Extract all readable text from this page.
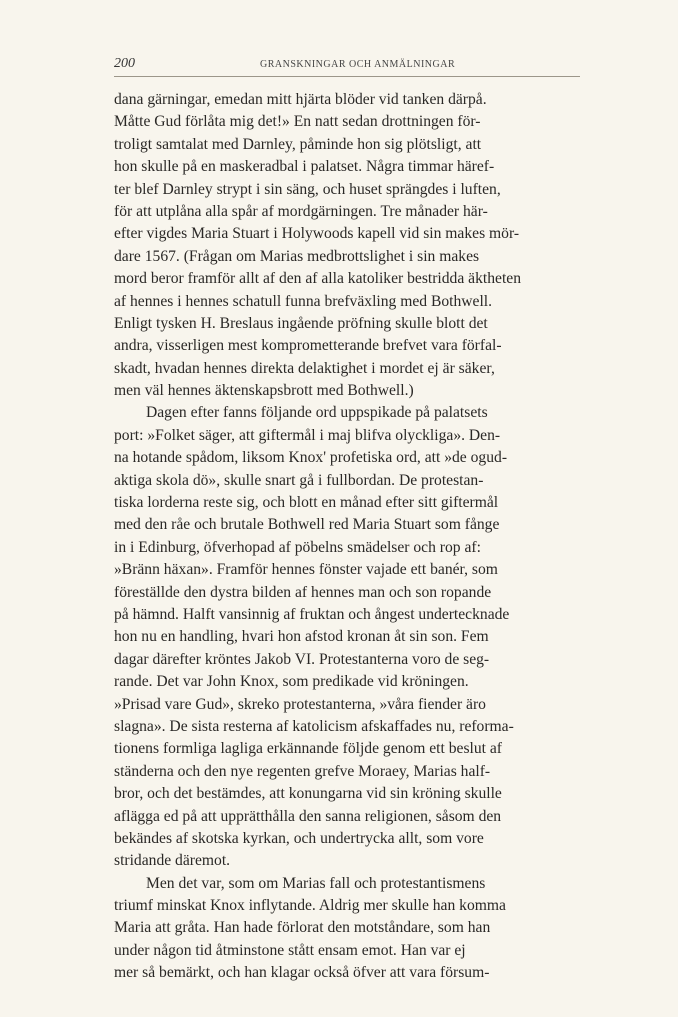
200	GRANSKNINGAR OCH ANMÄLNINGAR
dana gärningar, emedan mitt hjärta blöder vid tanken därpå.
Måtte Gud förlåta mig det!» En natt sedan drottningen för-
troligt samtalat med Darnley, påminde hon sig plötsligt, att
hon skulle på en maskeradbal i palatset. Några timmar häref-
ter blef Darnley strypt i sin säng, och huset sprängdes i luften,
för att utplåna alla spår af mordgärningen. Tre månader här-
efter vigdes Maria Stuart i Holywoods kapell vid sin makes mör-
dare 1567. (Frågan om Marias medbrottslighet i sin makes
mord beror framför allt af den af alla katoliker bestridda äktheten
af hennes i hennes schatull funna brefväxling med Bothwell.
Enligt tysken H. Breslaus ingående pröfning skulle blott det
andra, visserligen mest komprometterande brefvet vara förfal-
skadt, hvadan hennes direkta delaktighet i mordet ej är säker,
men väl hennes äktenskapsbrott med Bothwell.)
Dagen efter fanns följande ord uppspikade på palatsets
port: »Folket säger, att giftermål i maj blifva olyckliga». Den-
na hotande spådom, liksom Knox' profetiska ord, att »de ogud-
aktiga skola dö», skulle snart gå i fullbordan. De protestan-
tiska lorderna reste sig, och blott en månad efter sitt giftermål
med den råe och brutale Bothwell red Maria Stuart som fånge
in i Edinburg, öfverhopad af pöbelns smädelser och rop af:
»Bränn häxan». Framför hennes fönster vajade ett banér, som
föreställde den dystra bilden af hennes man och son ropande
på hämnd. Halft vansinnig af fruktan och ångest undertecknade
hon nu en handling, hvari hon afstod kronan åt sin son. Fem
dagar därefter kröntes Jakob VI. Protestanterna voro de seg-
rande. Det var John Knox, som predikade vid kröningen.
»Prisad vare Gud», skreko protestanterna, »våra fiender äro
slagna». De sista resterna af katolicism afskaffades nu, reforma-
tionens formliga lagliga erkännande följde genom ett beslut af
ständerna och den nye regenten grefve Moraey, Marias half-
bror, och det bestämdes, att konungarna vid sin kröning skulle
aflägga ed på att upprätthålla den sanna religionen, såsom den
bekändes af skotska kyrkan, och undertrycka allt, som vore
stridande däremot.
Men det var, som om Marias fall och protestantismens
triumf minskat Knox inflytande. Aldrig mer skulle han komma
Maria att gråta. Han hade förlorat den motståndare, som han
under någon tid åtminstone stått ensam emot. Han var ej
mer så bemärkt, och han klagar också öfver att vara försum-
